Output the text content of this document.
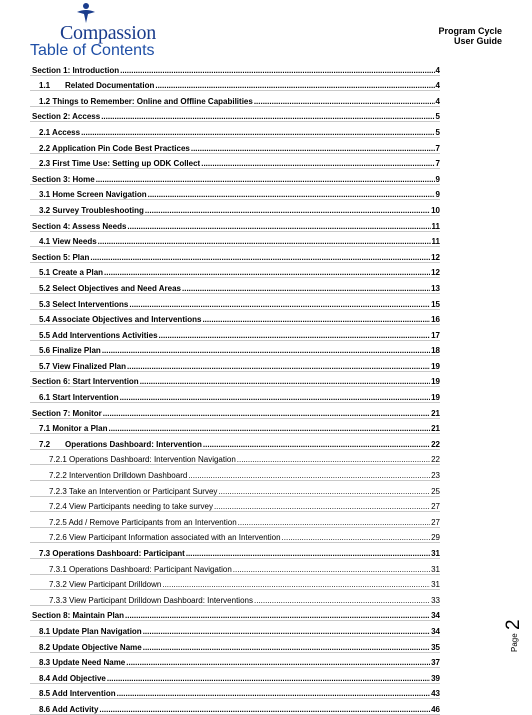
Compassion	Program Cycle
User Guide
Table of Contents
Section 1: Introduction .....	4
1.1 Related Documentation .....	4
1.2 Things to Remember: Online and Offline Capabilities .....	4
Section 2: Access .....	5
2.1 Access .....	5
2.2 Application Pin Code Best Practices .....	7
2.3 First Time Use: Setting up ODK Collect .....	7
Section 3: Home .....	9
3.1 Home Screen Navigation .....	9
3.2 Survey Troubleshooting .....	10
Section 4: Assess Needs .....	11
4.1 View Needs .....	11
Section 5: Plan .....	12
5.1 Create a Plan .....	12
5.2 Select Objectives and Need Areas .....	13
5.3 Select Interventions .....	15
5.4 Associate Objectives and Interventions .....	16
5.5 Add Interventions Activities .....	17
5.6 Finalize Plan .....	18
5.7 View Finalized Plan .....	19
Section 6: Start Intervention .....	19
6.1 Start Intervention .....	19
Section 7: Monitor .....	21
7.1 Monitor a Plan .....	21
7.2 Operations Dashboard: Intervention .....	22
7.2.1 Operations Dashboard: Intervention Navigation .....	22
7.2.2 Intervention Drilldown Dashboard .....	23
7.2.3 Take an Intervention or Participant Survey .....	25
7.2.4 View Participants needing to take survey .....	27
7.2.5 Add / Remove Participants from an Intervention .....	27
7.2.6 View Participant Information associated with an Intervention .....	29
7.3 Operations Dashboard: Participant .....	31
7.3.1 Operations Dashboard: Participant Navigation .....	31
7.3.2 View Participant Drilldown .....	31
7.3.3 View Participant Drilldown Dashboard: Interventions .....	33
Section 8: Maintain Plan .....	34
8.1 Update Plan Navigation .....	34
8.2 Update Objective Name .....	35
8.3 Update Need Name .....	37
8.4 Add Objective .....	39
8.5 Add Intervention .....	43
8.6 Add Activity .....	46
Page
2
